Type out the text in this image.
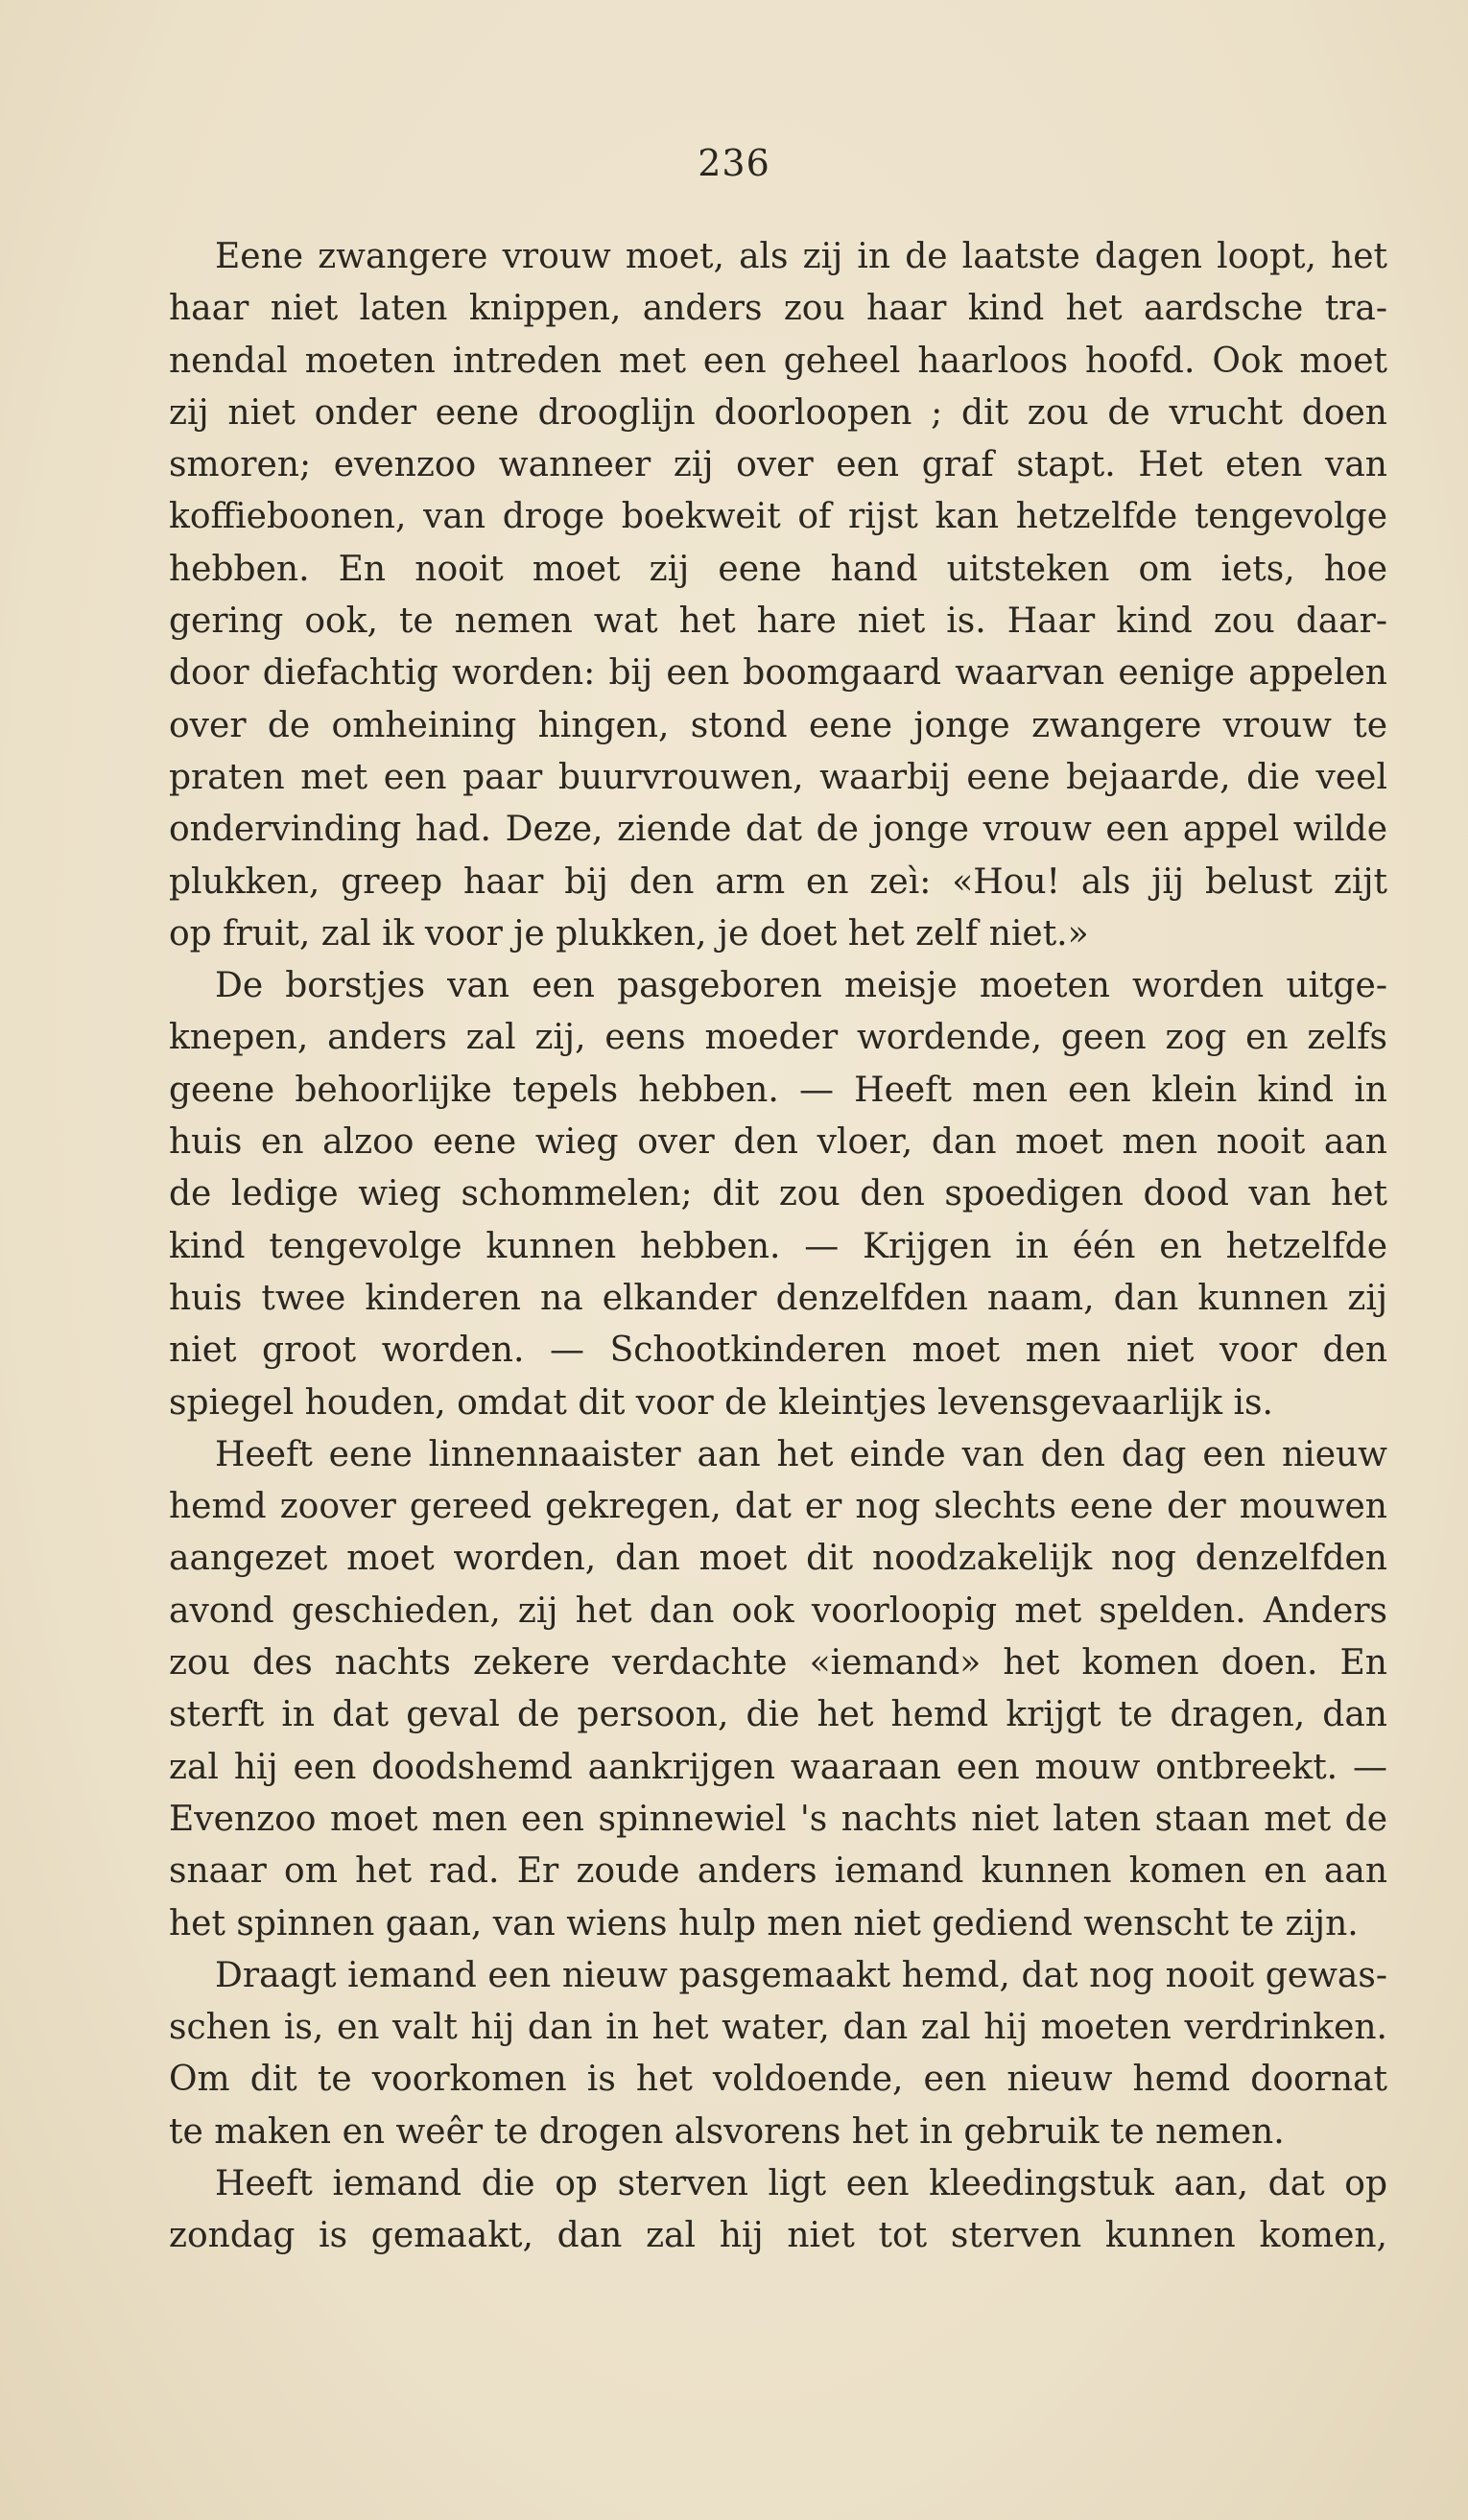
236
Eene zwangere vrouw moet, als zij in de laatste dagen loopt, het
haar niet laten knippen, anders zou haar kind het aardsche tra-
nendal moeten intreden met een geheel haarloos hoofd. Ook moet
zij niet onder eene drooglijn doorloopen ; dit zou de vrucht doen
smoren; evenzoo wanneer zij over een graf stapt. Het eten van
koffieboonen, van droge boekweit of rijst kan hetzelfde tengevolge
hebben. En nooit moet zij eene hand uitsteken om iets, hoe
gering ook, te nemen wat het hare niet is. Haar kind zou daar-
door diefachtig worden: bij een boomgaard waarvan eenige appelen
over de omheining hingen, stond eene jonge zwangere vrouw te
praten met een paar buurvrouwen, waarbij eene bejaarde, die veel
ondervinding had. Deze, ziende dat de jonge vrouw een appel wilde
plukken, greep haar bij den arm en zeì: «Hou! als jij belust zijt
op fruit, zal ik voor je plukken, je doet het zelf niet.»
De borstjes van een pasgeboren meisje moeten worden uitge-
knepen, anders zal zij, eens moeder wordende, geen zog en zelfs
geene behoorlijke tepels hebben. — Heeft men een klein kind in
huis en alzoo eene wieg over den vloer, dan moet men nooit aan
de ledige wieg schommelen; dit zou den spoedigen dood van het
kind tengevolge kunnen hebben. — Krijgen in één en hetzelfde
huis twee kinderen na elkander denzelfden naam, dan kunnen zij
niet groot worden. — Schootkinderen moet men niet voor den
spiegel houden, omdat dit voor de kleintjes levensgevaarlijk is.
Heeft eene linnennaaister aan het einde van den dag een nieuw
hemd zoover gereed gekregen, dat er nog slechts eene der mouwen
aangezet moet worden, dan moet dit noodzakelijk nog denzelfden
avond geschieden, zij het dan ook voorloopig met spelden. Anders
zou des nachts zekere verdachte «iemand» het komen doen. En
sterft in dat geval de persoon, die het hemd krijgt te dragen, dan
zal hij een doodshemd aankrijgen waaraan een mouw ontbreekt. —
Evenzoo moet men een spinnewiel 's nachts niet laten staan met de
snaar om het rad. Er zoude anders iemand kunnen komen en aan
het spinnen gaan, van wiens hulp men niet gediend wenscht te zijn.
Draagt iemand een nieuw pasgemaakt hemd, dat nog nooit gewas-
schen is, en valt hij dan in het water, dan zal hij moeten verdrinken.
Om dit te voorkomen is het voldoende, een nieuw hemd doornat
te maken en weêr te drogen alsvorens het in gebruik te nemen.
Heeft iemand die op sterven ligt een kleedingstuk aan, dat op
zondag is gemaakt, dan zal hij niet tot sterven kunnen komen,
